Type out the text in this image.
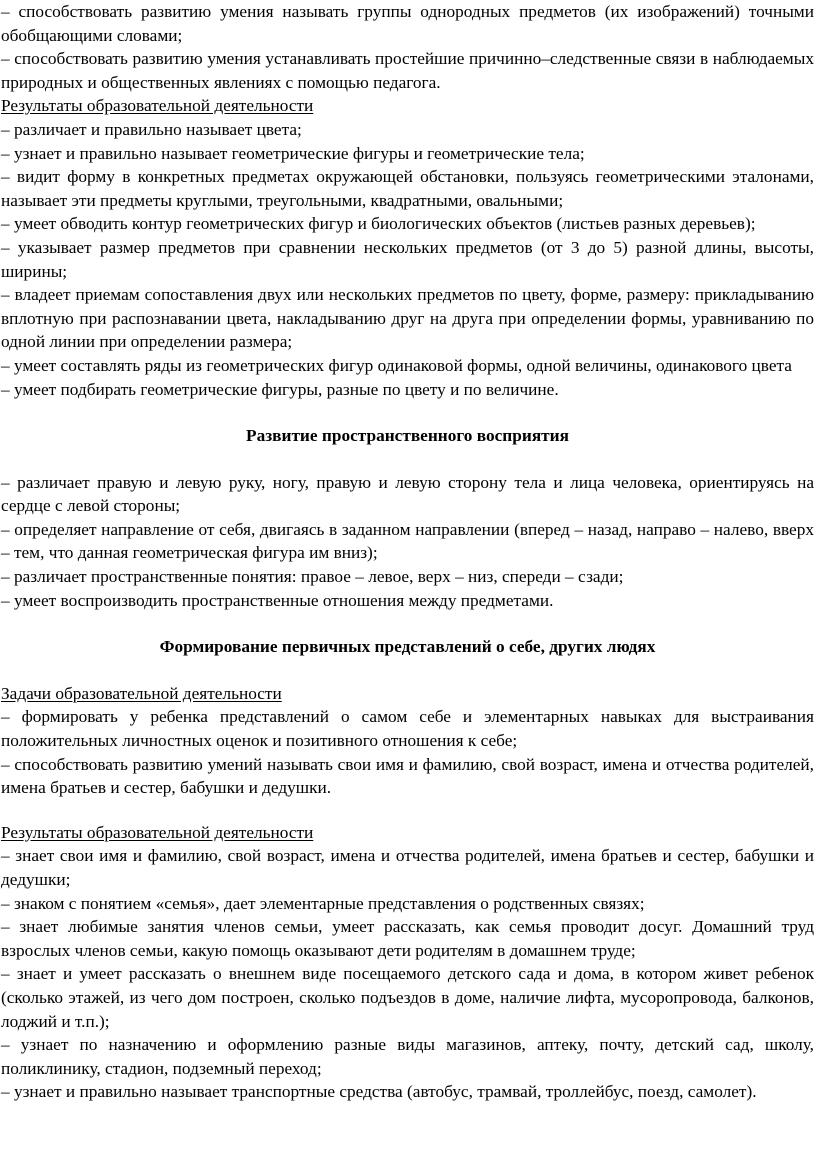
– способствовать развитию умения называть группы однородных предметов (их изображений) точными обобщающими словами;

– способствовать развитию умения устанавливать простейшие причинно–следственные связи в наблюдаемых природных и общественных явлениях с помощью педагога.

Результаты образовательной деятельности

– различает и правильно называет цвета;

– узнает и правильно называет геометрические фигуры и геометрические тела;

– видит форму в конкретных предметах окружающей обстановки, пользуясь геометрическими эталонами, называет эти предметы круглыми, треугольными, квадратными, овальными;

– умеет обводить контур геометрических фигур и биологических объектов (листьев разных деревьев);

– указывает размер предметов при сравнении нескольких предметов (от 3 до 5) разной длины, высоты, ширины;

– владеет приемам сопоставления двух или нескольких предметов по цвету, форме, размеру: прикладыванию вплотную при распознавании цвета, накладыванию друг на друга при определении формы, уравниванию по одной линии при определении размера;

– умеет составлять ряды из геометрических фигур одинаковой формы, одной величины, одинакового цвета

– умеет подбирать геометрические фигуры, разные по цвету и по величине.

Развитие пространственного восприятия

– различает правую и левую руку, ногу, правую и левую сторону тела и лица человека, ориентируясь на сердце с левой стороны;

– определяет направление от себя, двигаясь в заданном направлении (вперед – назад, направо – налево, вверх – тем, что данная геометрическая фигура им вниз);

– различает пространственные понятия: правое – левое, верх – низ, спереди – сзади;

– умеет воспроизводить пространственные отношения между предметами.

Формирование первичных представлений о себе, других людях

Задачи образовательной деятельности

– формировать у ребенка представлений о самом себе и элементарных навыках для выстраивания положительных личностных оценок и позитивного отношения к себе;

– способствовать развитию умений называть свои имя и фамилию, свой возраст, имена и отчества родителей, имена братьев и сестер, бабушки и дедушки.

Результаты образовательной деятельности

– знает свои имя и фамилию, свой возраст, имена и отчества родителей, имена братьев и сестер, бабушки и дедушки;

– знаком с понятием «семья», дает элементарные представления о родственных связях;

– знает любимые занятия членов семьи, умеет рассказать, как семья проводит досуг. Домашний труд взрослых членов семьи, какую помощь оказывают дети родителям в домашнем труде;

– знает и умеет рассказать о внешнем виде посещаемого детского сада и дома, в котором живет ребенок (сколько этажей, из чего дом построен, сколько подъездов в доме, наличие лифта, мусоропровода, балконов, лоджий и т.п.);

– узнает по назначению и оформлению разные виды магазинов, аптеку, почту, детский сад, школу, поликлинику, стадион, подземный переход;

– узнает и правильно называет транспортные средства (автобус, трамвай, троллейбус, поезд, самолет).
